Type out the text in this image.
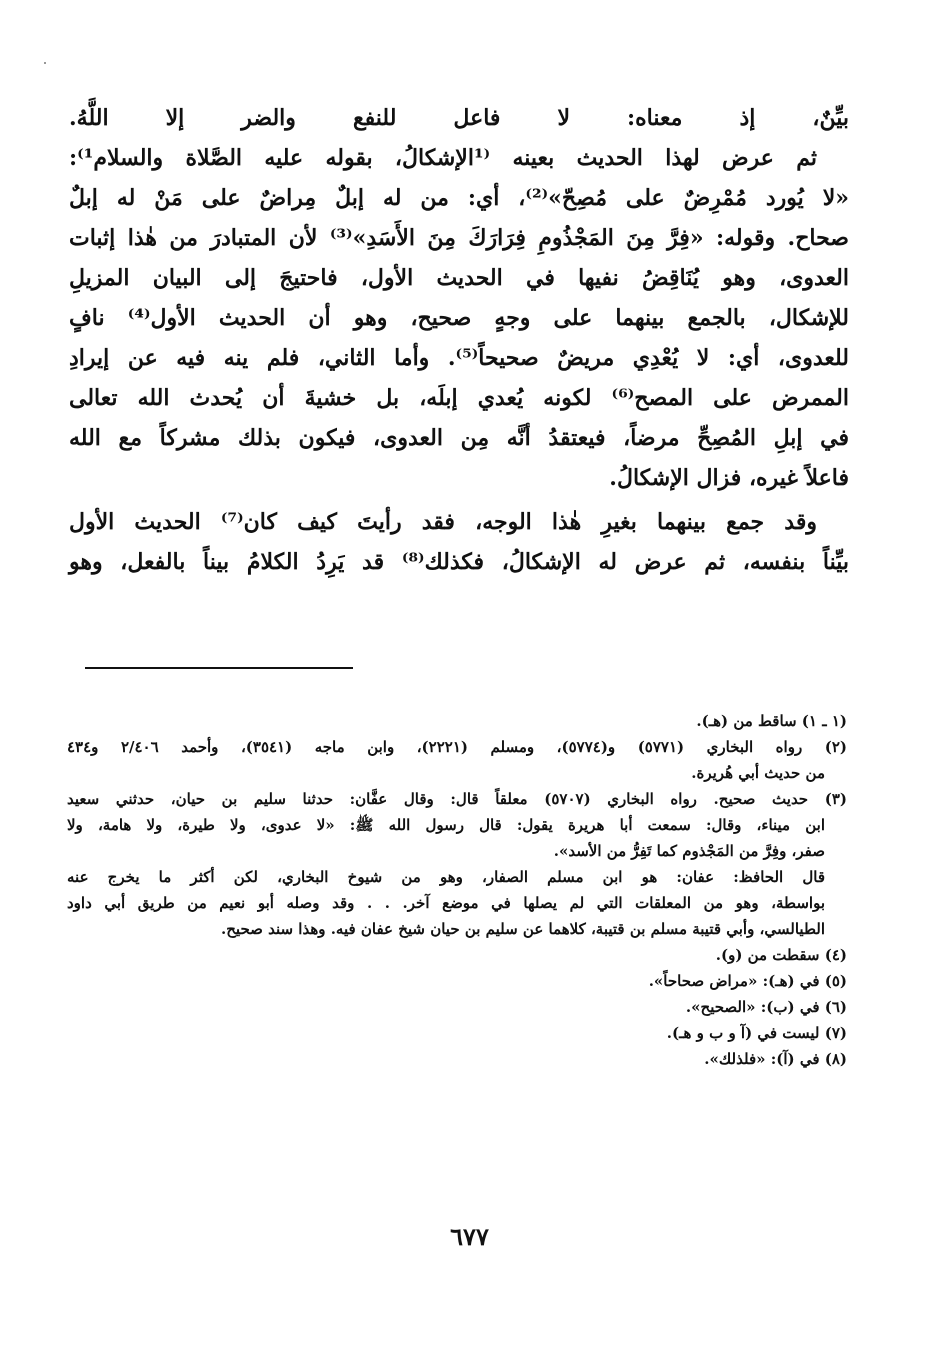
بيِّنٌ، إذ معناه: لا فاعل للنفع والضر إلا اللَّهُ.

ثم عرض لهذا الحديث بعينه ⁽¹الإشكالُ، بقوله عليه الصَّلاة والسلام¹⁾:

«لا يُورد مُمْرِضٌ على مُصِحّ»⁽²⁾، أي: من له إبلٌ مِراضٌ على مَنْ له إبلٌ

صحاح. وقوله: «فِرَّ مِنَ المَجْذُومِ فِرَارَكَ مِنَ الأَسَدِ»⁽³⁾ لأن المتبادرَ من هٰذا إثبات

العدوى، وهو يُنَاقِضُ نفيها في الحديث الأول، فاحتيجَ إلى البيان المزيلِ

للإشكال، بالجمع بينهما على وجهٍ صحيح، وهو أن الحديث الأول⁽⁴⁾ نافٍ

للعدوى، أي: لا يُعْدِي مريضٌ صحيحاً⁽⁵⁾. وأما الثاني، فلم ينه فيه عن إيرادِ

الممرض على المصح⁽⁶⁾ لكونه يُعدي إبلَه، بل خشيةَ أن يُحدث الله تعالى

في إبلِ المُصِحِّ مرضاً، فيعتقدُ أنَّه مِن العدوى، فيكون بذلك مشركاً مع الله

فاعلاً غيره، فزال الإشكالُ.

وقد جمع بينهما بغيرِ هٰذا الوجه، فقد رأيتَ كيف كان⁽⁷⁾ الحديث الأول

بيِّناً بنفسه، ثم عرض له الإشكالُ، فكذلك⁽⁸⁾ قد يَرِدُ الكلامُ بيناً بالفعل، وهو

(١ ـ ١) ساقط من (هـ).

(٢) رواه البخاري (٥٧٧١) و(٥٧٧٤)، ومسلم (٢٢٢١)، وابن ماجه (٣٥٤١)، وأحمد ٢/٤٠٦ و٤٣٤

من حديث أبي هُريرة.

(٣) حديث صحيح. رواه البخاري (٥٧٠٧) معلقاً قال: وقال عفَّان: حدثنا سليم بن حيان، حدثني سعيد

ابن ميناء، وقال: سمعت أبا هريرة يقول: قال رسول الله ﷺ: «لا عدوى، ولا طيرة، ولا هامة، ولا

صفر، وفِرَّ من المَجْذوم كما تَفِرُّ من الأسد».

قال الحافظ: عفان: هو ابن مسلم الصفار، وهو من شيوخ البخاري، لكن أكثر ما يخرج عنه

بواسطة، وهو من المعلقات التي لم يصلها في موضع آخر. . . وقد وصله أبو نعيم من طريق أبي داود

الطيالسي، وأبي قتيبة مسلم بن قتيبة، كلاهما عن سليم بن حيان شيخ عفان فيه. وهذا سند صحيح.

(٤) سقطت من (و).

(٥) في (هـ): «مراض صحاحاً».

(٦) في (ب): «الصحيح».

(٧) ليست في (آ و ب و هـ).

(٨) في (آ): «فلذلك».

٦٧٧
